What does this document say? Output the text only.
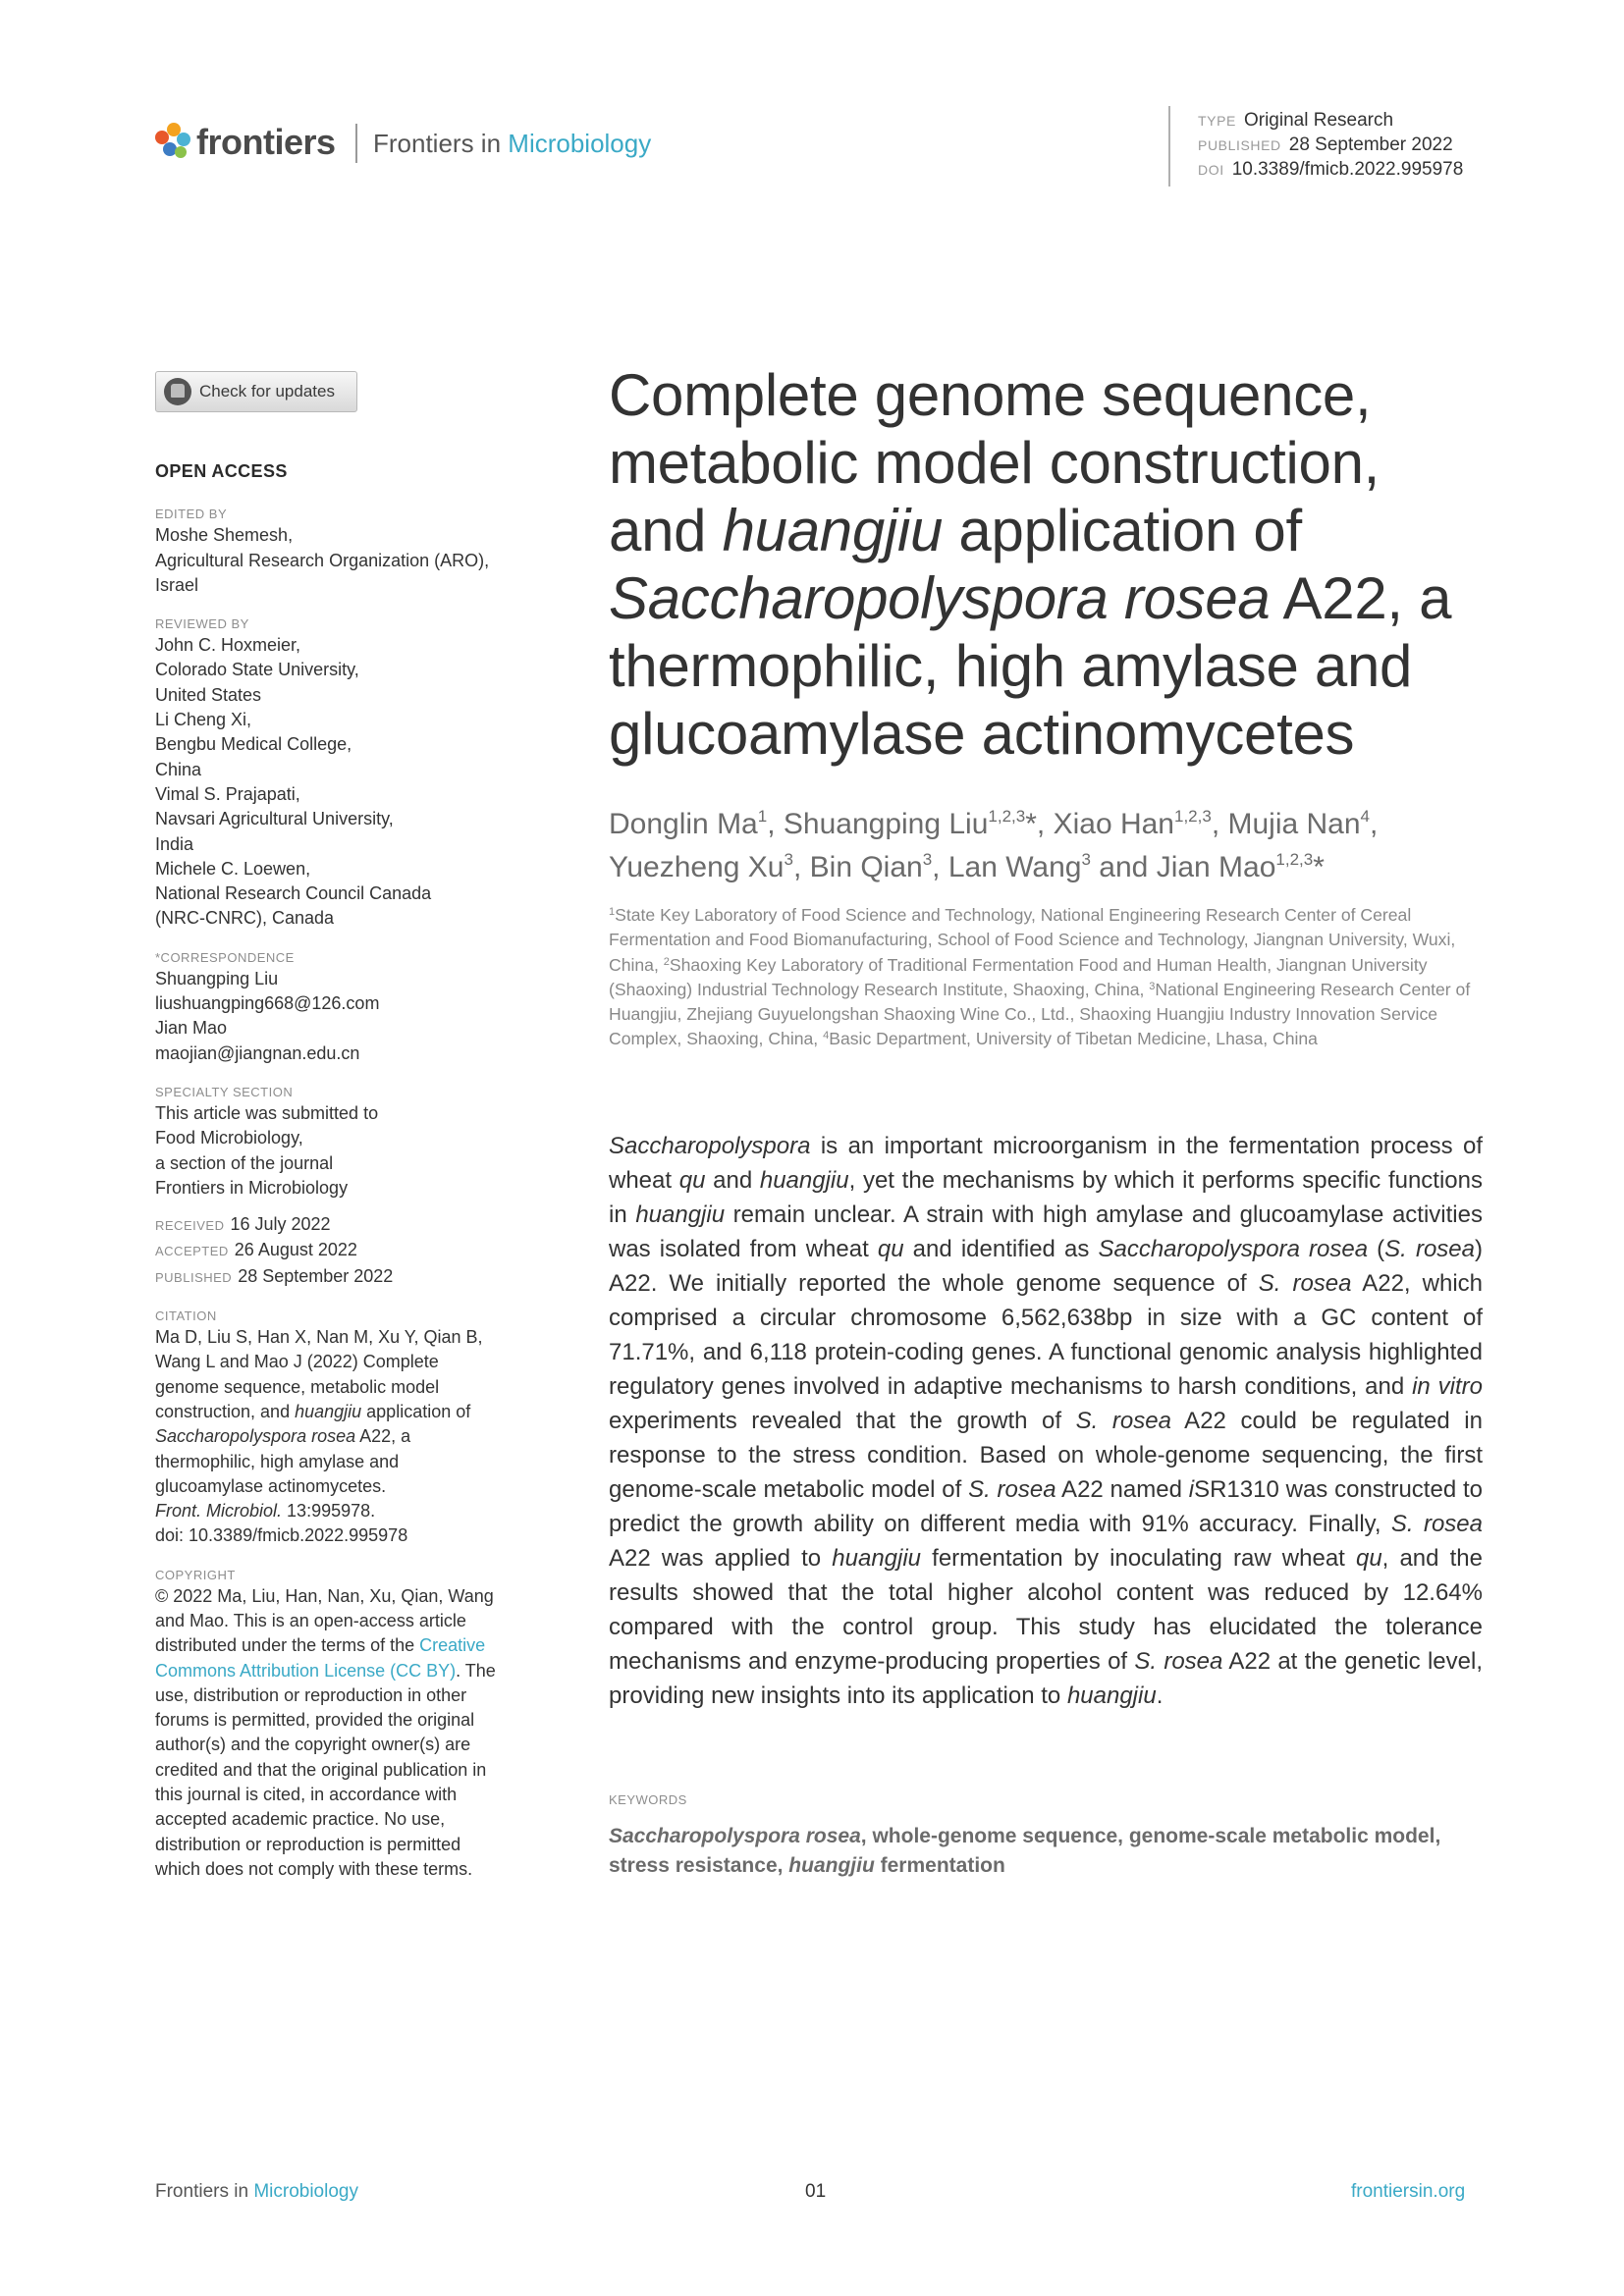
frontiers Frontiers in Microbiology
TYPE Original Research
PUBLISHED 28 September 2022
DOI 10.3389/fmicb.2022.995978
Check for updates
OPEN ACCESS
EDITED BY
Moshe Shemesh,
Agricultural Research Organization (ARO),
Israel
REVIEWED BY
John C. Hoxmeier,
Colorado State University,
United States
Li Cheng Xi,
Bengbu Medical College,
China
Vimal S. Prajapati,
Navsari Agricultural University,
India
Michele C. Loewen,
National Research Council Canada
(NRC-CNRC), Canada
*CORRESPONDENCE
Shuangping Liu
liushuangping668@126.com
Jian Mao
maojian@jiangnan.edu.cn
SPECIALTY SECTION
This article was submitted to
Food Microbiology,
a section of the journal
Frontiers in Microbiology
RECEIVED 16 July 2022
ACCEPTED 26 August 2022
PUBLISHED 28 September 2022
CITATION
Ma D, Liu S, Han X, Nan M, Xu Y, Qian B,
Wang L and Mao J (2022) Complete
genome sequence, metabolic model
construction, and huangjiu application of
Saccharopolyspora rosea A22, a
thermophilic, high amylase and
glucoamylase actinomycetes.
Front. Microbiol. 13:995978.
doi: 10.3389/fmicb.2022.995978
COPYRIGHT
© 2022 Ma, Liu, Han, Nan, Xu, Qian, Wang
and Mao. This is an open-access article
distributed under the terms of the Creative
Commons Attribution License (CC BY). The
use, distribution or reproduction in other
forums is permitted, provided the original
author(s) and the copyright owner(s) are
credited and that the original publication in
this journal is cited, in accordance with
accepted academic practice. No use,
distribution or reproduction is permitted
which does not comply with these terms.
Complete genome sequence,
metabolic model construction,
and huangjiu application of
Saccharopolyspora rosea A22, a
thermophilic, high amylase and
glucoamylase actinomycetes
Donglin Ma$^1$, Shuangping Liu$^{1,2,3}$*, Xiao Han$^{1,2,3}$, Mujia Nan$^4$,
Yuezheng Xu$^3$, Bin Qian$^3$, Lan Wang$^3$ and Jian Mao$^{1,2,3}$*
$^1$State Key Laboratory of Food Science and Technology, National Engineering Research Center of Cereal Fermentation and Food Biomanufacturing, School of Food Science and Technology, Jiangnan University, Wuxi, China, $^2$Shaoxing Key Laboratory of Traditional Fermentation Food and Human Health, Jiangnan University (Shaoxing) Industrial Technology Research Institute, Shaoxing, China, $^3$National Engineering Research Center of Huangjiu, Zhejiang Guyuelongshan Shaoxing Wine Co., Ltd., Shaoxing Huangjiu Industry Innovation Service Complex, Shaoxing, China, $^4$Basic Department, University of Tibetan Medicine, Lhasa, China
Saccharopolyspora is an important microorganism in the fermentation process of wheat qu and huangjiu, yet the mechanisms by which it performs specific functions in huangjiu remain unclear. A strain with high amylase and glucoamylase activities was isolated from wheat qu and identified as Saccharopolyspora rosea (S. rosea) A22. We initially reported the whole genome sequence of S. rosea A22, which comprised a circular chromosome 6,562,638bp in size with a GC content of 71.71%, and 6,118 protein-coding genes. A functional genomic analysis highlighted regulatory genes involved in adaptive mechanisms to harsh conditions, and in vitro experiments revealed that the growth of S. rosea A22 could be regulated in response to the stress condition. Based on whole-genome sequencing, the first genome-scale metabolic model of S. rosea A22 named iSR1310 was constructed to predict the growth ability on different media with 91% accuracy. Finally, S. rosea A22 was applied to huangjiu fermentation by inoculating raw wheat qu, and the results showed that the total higher alcohol content was reduced by 12.64% compared with the control group. This study has elucidated the tolerance mechanisms and enzyme-producing properties of S. rosea A22 at the genetic level, providing new insights into its application to huangjiu.
KEYWORDS
Saccharopolyspora rosea, whole-genome sequence, genome-scale metabolic model, stress resistance, huangjiu fermentation
Frontiers in Microbiology	01	frontiersin.org
